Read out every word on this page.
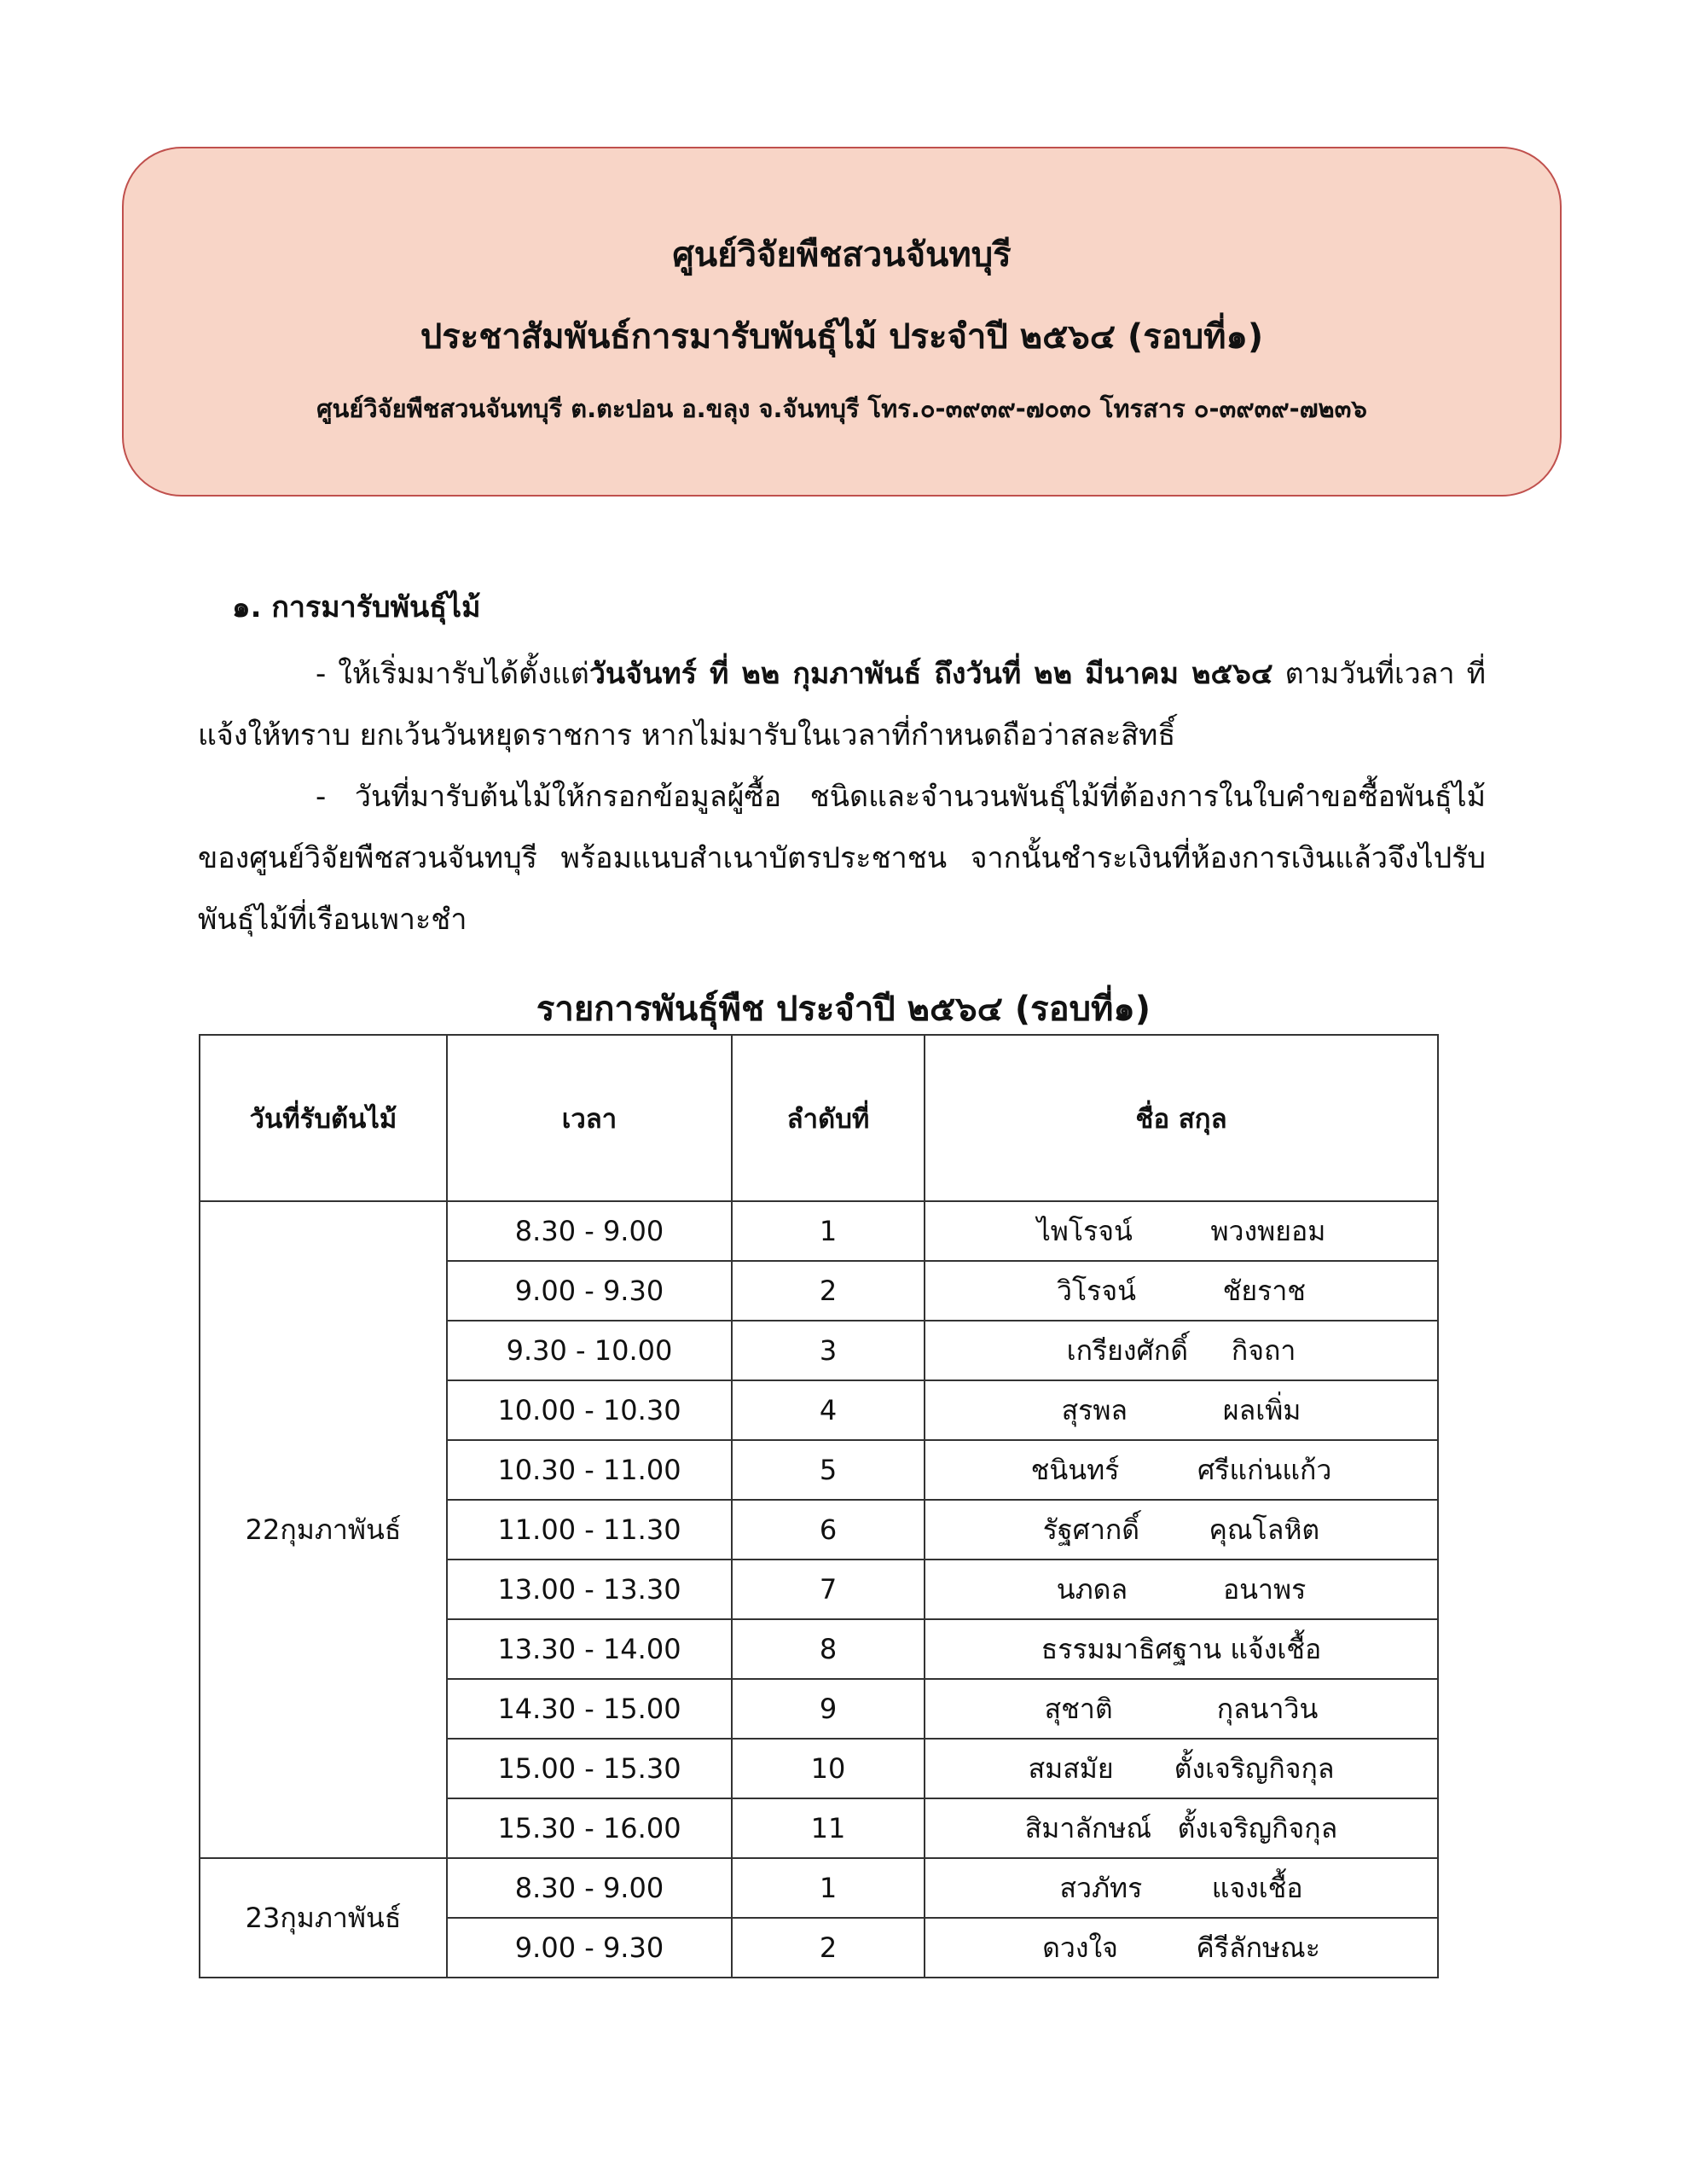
ศูนย์วิจัยพืชสวนจันทบุรี
ประชาสัมพันธ์การมารับพันธุ์ไม้ ประจำปี ๒๕๖๔ (รอบที่๑)
ศูนย์วิจัยพืชสวนจันทบุรี ต.ตะปอน อ.ขลุง จ.จันทบุรี โทร.๐-๓๙๓๙-๗๐๓๐ โทรสาร ๐-๓๙๓๙-๗๒๓๖
๑. การมารับพันธุ์ไม้

- ให้เริ่มมารับได้ตั้งแต่วันจันทร์ ที่ ๒๒ กุมภาพันธ์ ถึงวันที่ ๒๒ มีนาคม ๒๕๖๔ ตามวันที่เวลา ที่แจ้งให้ทราบ ยกเว้นวันหยุดราชการ หากไม่มารับในเวลาที่กำหนดถือว่าสละสิทธิ์

- วันที่มารับต้นไม้ให้กรอกข้อมูลผู้ซื้อ ชนิดและจำนวนพันธุ์ไม้ที่ต้องการในใบคำขอซื้อพันธุ์ไม้ของศูนย์วิจัยพืชสวนจันทบุรี พร้อมแนบสำเนาบัตรประชาชน จากนั้นชำระเงินที่ห้องการเงินแล้วจึงไปรับพันธุ์ไม้ที่เรือนเพาะชำ

รายการพันธุ์พืช ประจำปี ๒๕๖๔ (รอบที่๑)
วันที่รับต้นไม้	เวลา	ลำดับที่	ชื่อ สกุล
22กุมภาพันธ์	8.30 - 9.00	1	ไพโรจน์         พวงพยอม
	9.00 - 9.30	2	วิโรจน์          ชัยราช
	9.30 - 10.00	3	เกรียงศักดิ์     กิจถา
	10.00 - 10.30	4	สุรพล           ผลเพิ่ม
	10.30 - 11.00	5	ชนินทร์         ศรีแก่นแก้ว
	11.00 - 11.30	6	รัฐศากดิ์        คุณโลหิต
	13.00 - 13.30	7	นภดล           อนาพร
	13.30 - 14.00	8	ธรรมมาธิศฐาน แจ้งเชื้อ
	14.30 - 15.00	9	สุชาติ            กุลนาวิน
	15.00 - 15.30	10	สมสมัย       ตั้งเจริญกิจกุล
	15.30 - 16.00	11	สิมาลักษณ์   ตั้งเจริญกิจกุล
23กุมภาพันธ์	8.30 - 9.00	1	สวภัทร        แจงเชื้อ
	9.00 - 9.30	2	ดวงใจ         คีรีลักษณะ
